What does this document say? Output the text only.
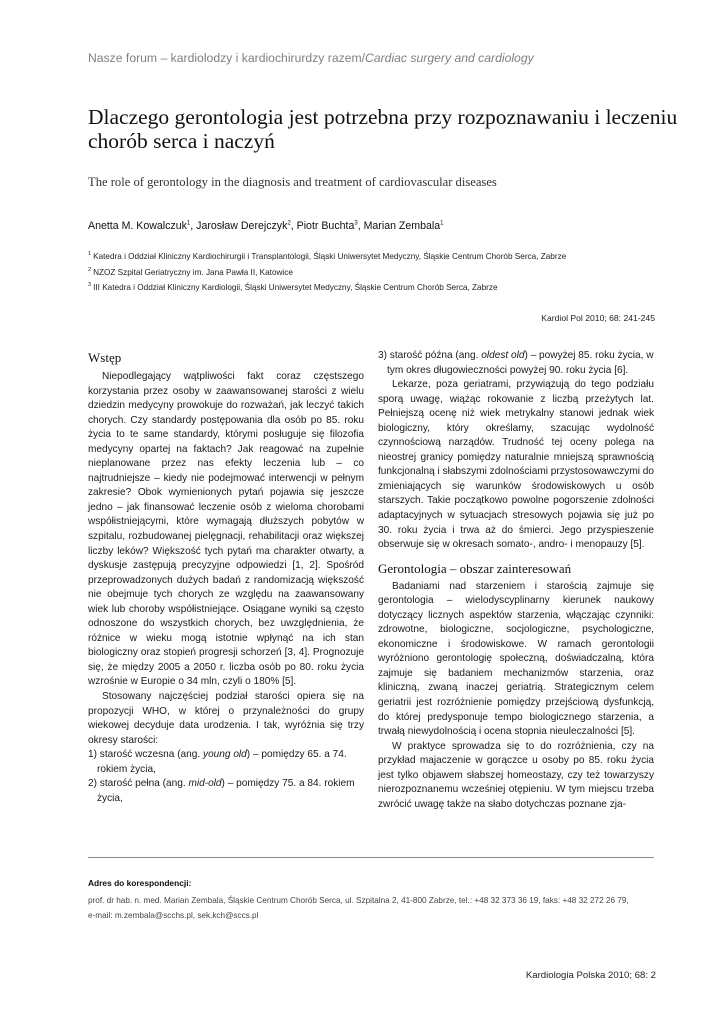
Nasze forum – kardiolodzy i kardiochirurdzy razem/Cardiac surgery and cardiology
Dlaczego gerontologia jest potrzebna przy rozpoznawaniu i leczeniu chorób serca i naczyń
The role of gerontology in the diagnosis and treatment of cardiovascular diseases
Anetta M. Kowalczuk$^1$, Jarosław Derejczyk$^2$, Piotr Buchta$^3$, Marian Zembala$^1$
$^1$ Katedra i Oddział Kliniczny Kardiochirurgii i Transplantologii, Śląski Uniwersytet Medyczny, Śląskie Centrum Chorób Serca, Zabrze
$^2$ NZOZ Szpital Geriatryczny im. Jana Pawła II, Katowice
$^3$ III Katedra i Oddział Kliniczny Kardiologii, Śląski Uniwersytet Medyczny, Śląskie Centrum Chorób Serca, Zabrze
Kardiol Pol 2010; 68: 241-245
Wstęp

Niepodlegający wątpliwości fakt coraz częstszego korzystania przez osoby w zaawansowanej starości z wielu dziedzin medycyny prowokuje do rozważań, jak leczyć takich chorych. Czy standardy postępowania dla osób po 85. roku życia to te same standardy, którymi posługuje się filozofia medycyny opartej na faktach? Jak reagować na zupełnie nieplanowane przez nas efekty leczenia lub – co najtrudniejsze – kiedy nie podejmować interwencji w pełnym zakresie? Obok wymienionych pytań pojawia się jeszcze jedno – jak finansować leczenie osób z wieloma chorobami współistniejącymi, które wymagają dłuższych pobytów w szpitalu, rozbudowanej pielęgnacji, rehabilitacji oraz większej liczby leków? Większość tych pytań ma charakter otwarty, a dyskusje zastępują precyzyjne odpowiedzi [1, 2]. Spośród przeprowadzonych dużych badań z randomizacją większość nie obejmuje tych chorych ze względu na zaawansowany wiek lub choroby współistniejące. Osiągane wyniki są często odnoszone do wszystkich chorych, bez uwzględnienia, że różnice w wieku mogą istotnie wpłynąć na ich stan biologiczny oraz stopień progresji schorzeń [3, 4]. Prognozuje się, że między 2005 a 2050 r. liczba osób po 80. roku życia wzrośnie w Europie o 34 mln, czyli o 180% [5].

Stosowany najczęściej podział starości opiera się na propozycji WHO, w której o przynależności do grupy wiekowej decyduje data urodzenia. I tak, wyróżnia się trzy okresy starości:

1) starość wczesna (ang. young old) – pomiędzy 65. a 74. rokiem życia,

2) starość pełna (ang. mid-old) – pomiędzy 75. a 84. rokiem życia,

3) starość późna (ang. oldest old) – powyżej 85. roku życia, w tym okres długowieczności powyżej 90. roku życia [6].

Lekarze, poza geriatrami, przywiązują do tego podziału sporą uwagę, wiążąc rokowanie z liczbą przeżytych lat. Pełniejszą ocenę niż wiek metrykalny stanowi jednak wiek biologiczny, który określamy, szacując wydolność czynnościową narządów. Trudność tej oceny polega na nieostrej granicy pomiędzy naturalnie mniejszą sprawnością funkcjonalną i słabszymi zdolnościami przystosowawczymi do zmieniających się warunków środowiskowych u osób starszych. Takie początkowo powolne pogorszenie zdolności adaptacyjnych w sytuacjach stresowych pojawia się już po 30. roku życia i trwa aż do śmierci. Jego przyspieszenie obserwuje się w okresach somato-, andro- i menopauzy [5].

Gerontologia – obszar zainteresowań

Badaniami nad starzeniem i starością zajmuje się gerontologia – wielodyscyplinarny kierunek naukowy dotyczący licznych aspektów starzenia, włączając czynniki: zdrowotne, biologiczne, socjologiczne, psychologiczne, ekonomiczne i środowiskowe. W ramach gerontologii wyróżniono gerontologię społeczną, doświadczalną, która zajmuje się badaniem mechanizmów starzenia, oraz kliniczną, zwaną inaczej geriatrią. Strategicznym celem geriatrii jest rozróżnienie pomiędzy przejściową dysfunkcją, do której predysponuje tempo biologicznego starzenia, a trwałą niewydolnością i ocena stopnia nieuleczalności [5].

W praktyce sprowadza się to do rozróżnienia, czy na przykład majaczenie w gorączce u osoby po 85. roku życia jest tylko objawem słabszej homeostazy, czy też towarzyszy nierozpoznanemu wcześniej otępieniu. W tym miejscu trzeba zwrócić uwagę także na słabo dotychczas poznane zja-

Adres do korespondencji:
prof. dr hab. n. med. Marian Zembala, Śląskie Centrum Chorób Serca, ul. Szpitalna 2, 41-800 Zabrze, tel.: +48 32 373 36 19, faks: +48 32 272 26 79,
e-mail: m.zembala@scchs.pl, sek.kch@sccs.pl
Kardiologia Polska 2010; 68: 2
